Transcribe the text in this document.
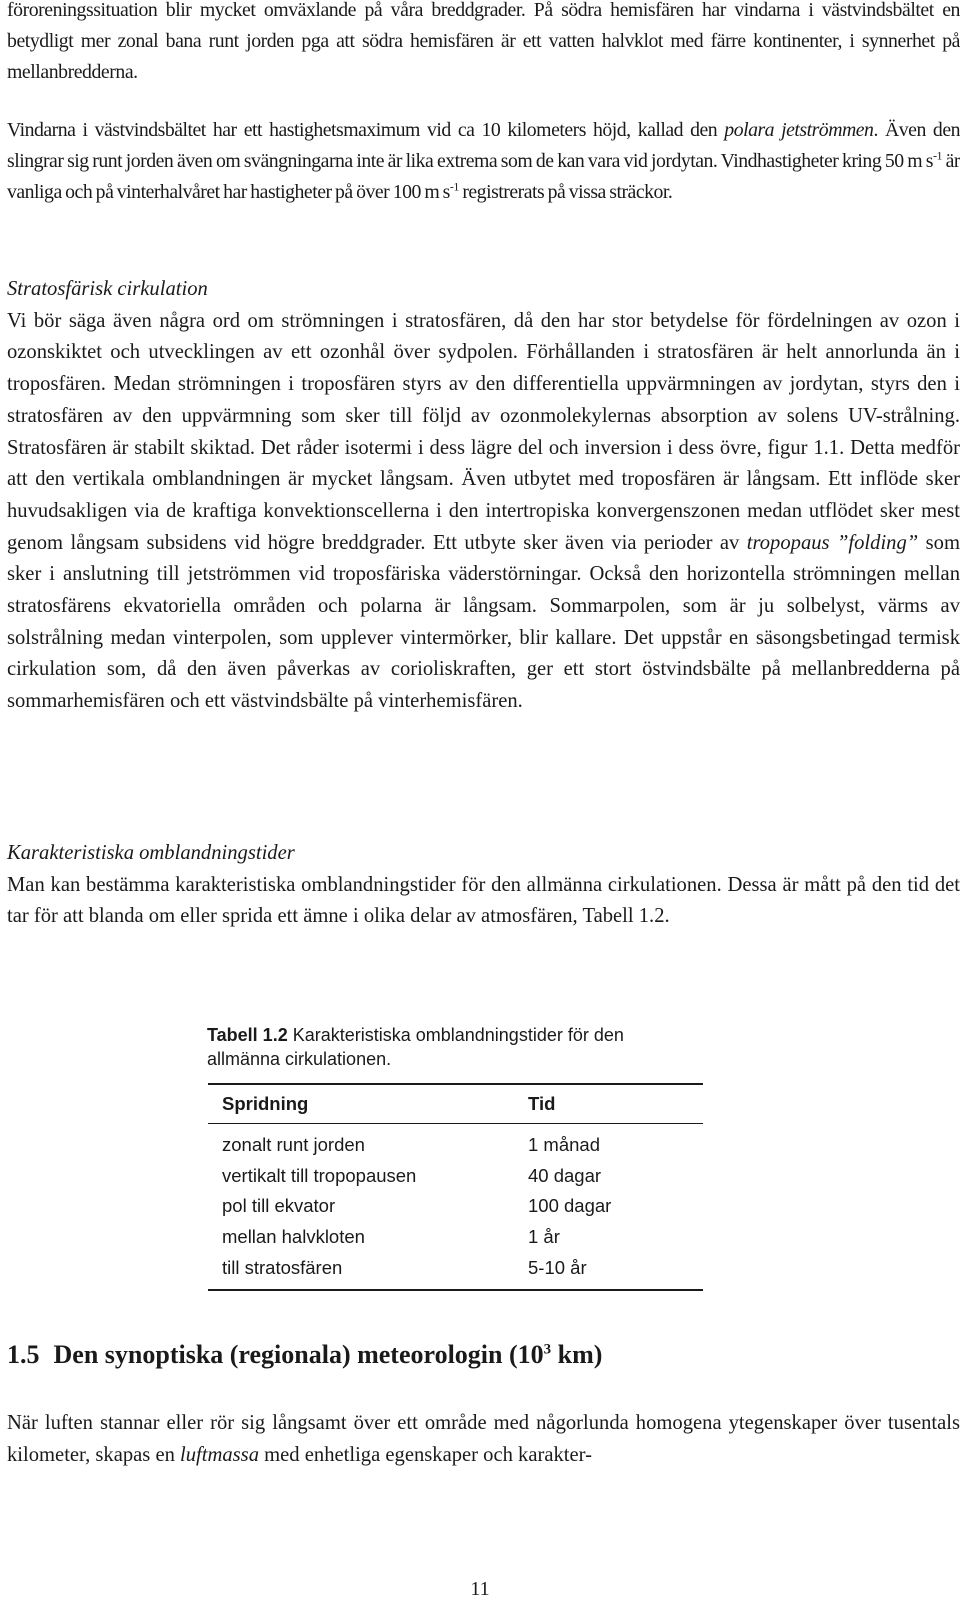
föroreningssituation blir mycket omväxlande på våra breddgrader. På södra hemisfären har vindarna i västvindsbältet en betydligt mer zonal bana runt jorden pga att södra hemisfären är ett vatten halvklot med färre kontinenter, i synnerhet på mellanbredderna.

Vindarna i västvindsbältet har ett hastighetsmaximum vid ca 10 kilometers höjd, kallad den polara jetströmmen. Även den slingrar sig runt jorden även om svängningarna inte är lika extrema som de kan vara vid jordytan. Vindhastigheter kring 50 m $s^{-1}$ är vanliga och på vinterhalvåret har hastigheter på över 100 m $s^{-1}$ registrerats på vissa sträckor.

Stratosfärisk cirkulation
Vi bör säga även några ord om strömningen i stratosfären, då den har stor betydelse för fördelningen av ozon i ozonskiktet och utvecklingen av ett ozonhål över sydpolen. Förhållanden i stratosfären är helt annorlunda än i troposfären. Medan strömningen i troposfären styrs av den differentiella uppvärmningen av jordytan, styrs den i stratosfären av den uppvärmning som sker till följd av ozonmolekylernas absorption av solens UV-strålning. Stratosfären är stabilt skiktad. Det råder isotermi i dess lägre del och inversion i dess övre, figur 1.1. Detta medför att den vertikala omblandningen är mycket långsam. Även utbytet med troposfären är långsam. Ett inflöde sker huvudsakligen via de kraftiga konvektionscellerna i den intertropiska konvergenszonen medan utflödet sker mest genom långsam subsidens vid högre breddgrader. Ett utbyte sker även via perioder av tropopaus ”folding” som sker i anslutning till jetströmmen vid troposfäriska väderstörningar. Också den horizontella strömningen mellan stratosfärens ekvatoriella områden och polarna är långsam. Sommarpolen, som är ju solbelyst, värms av solstrålning medan vinterpolen, som upplever vintermörker, blir kallare. Det uppstår en säsongsbetingad termisk cirkulation som, då den även påverkas av corioliskraften, ger ett stort östvindsbälte på mellanbredderna på sommarhemisfären och ett västvindsbälte på vinterhemisfären.

Karakteristiska omblandningstider
Man kan bestämma karakteristiska omblandningstider för den allmänna cirkulationen. Dessa är mått på den tid det tar för att blanda om eller sprida ett ämne i olika delar av atmosfären, Tabell 1.2.

Tabell 1.2 Karakteristiska omblandningstider för den allmänna cirkulationen.
Spridning	Tid
zonalt runt jorden	1 månad
vertikalt till tropopausen	40 dagar
pol till ekvator	100 dagar
mellan halvkloten	1 år
till stratosfären	5-10 år
1.5 Den synoptiska (regionala) meteorologin ($10^3$ km)

När luften stannar eller rör sig långsamt över ett område med någorlunda homogena ytegenskaper över tusentals kilometer, skapas en luftmassa med enhetliga egenskaper och karakter-

11
